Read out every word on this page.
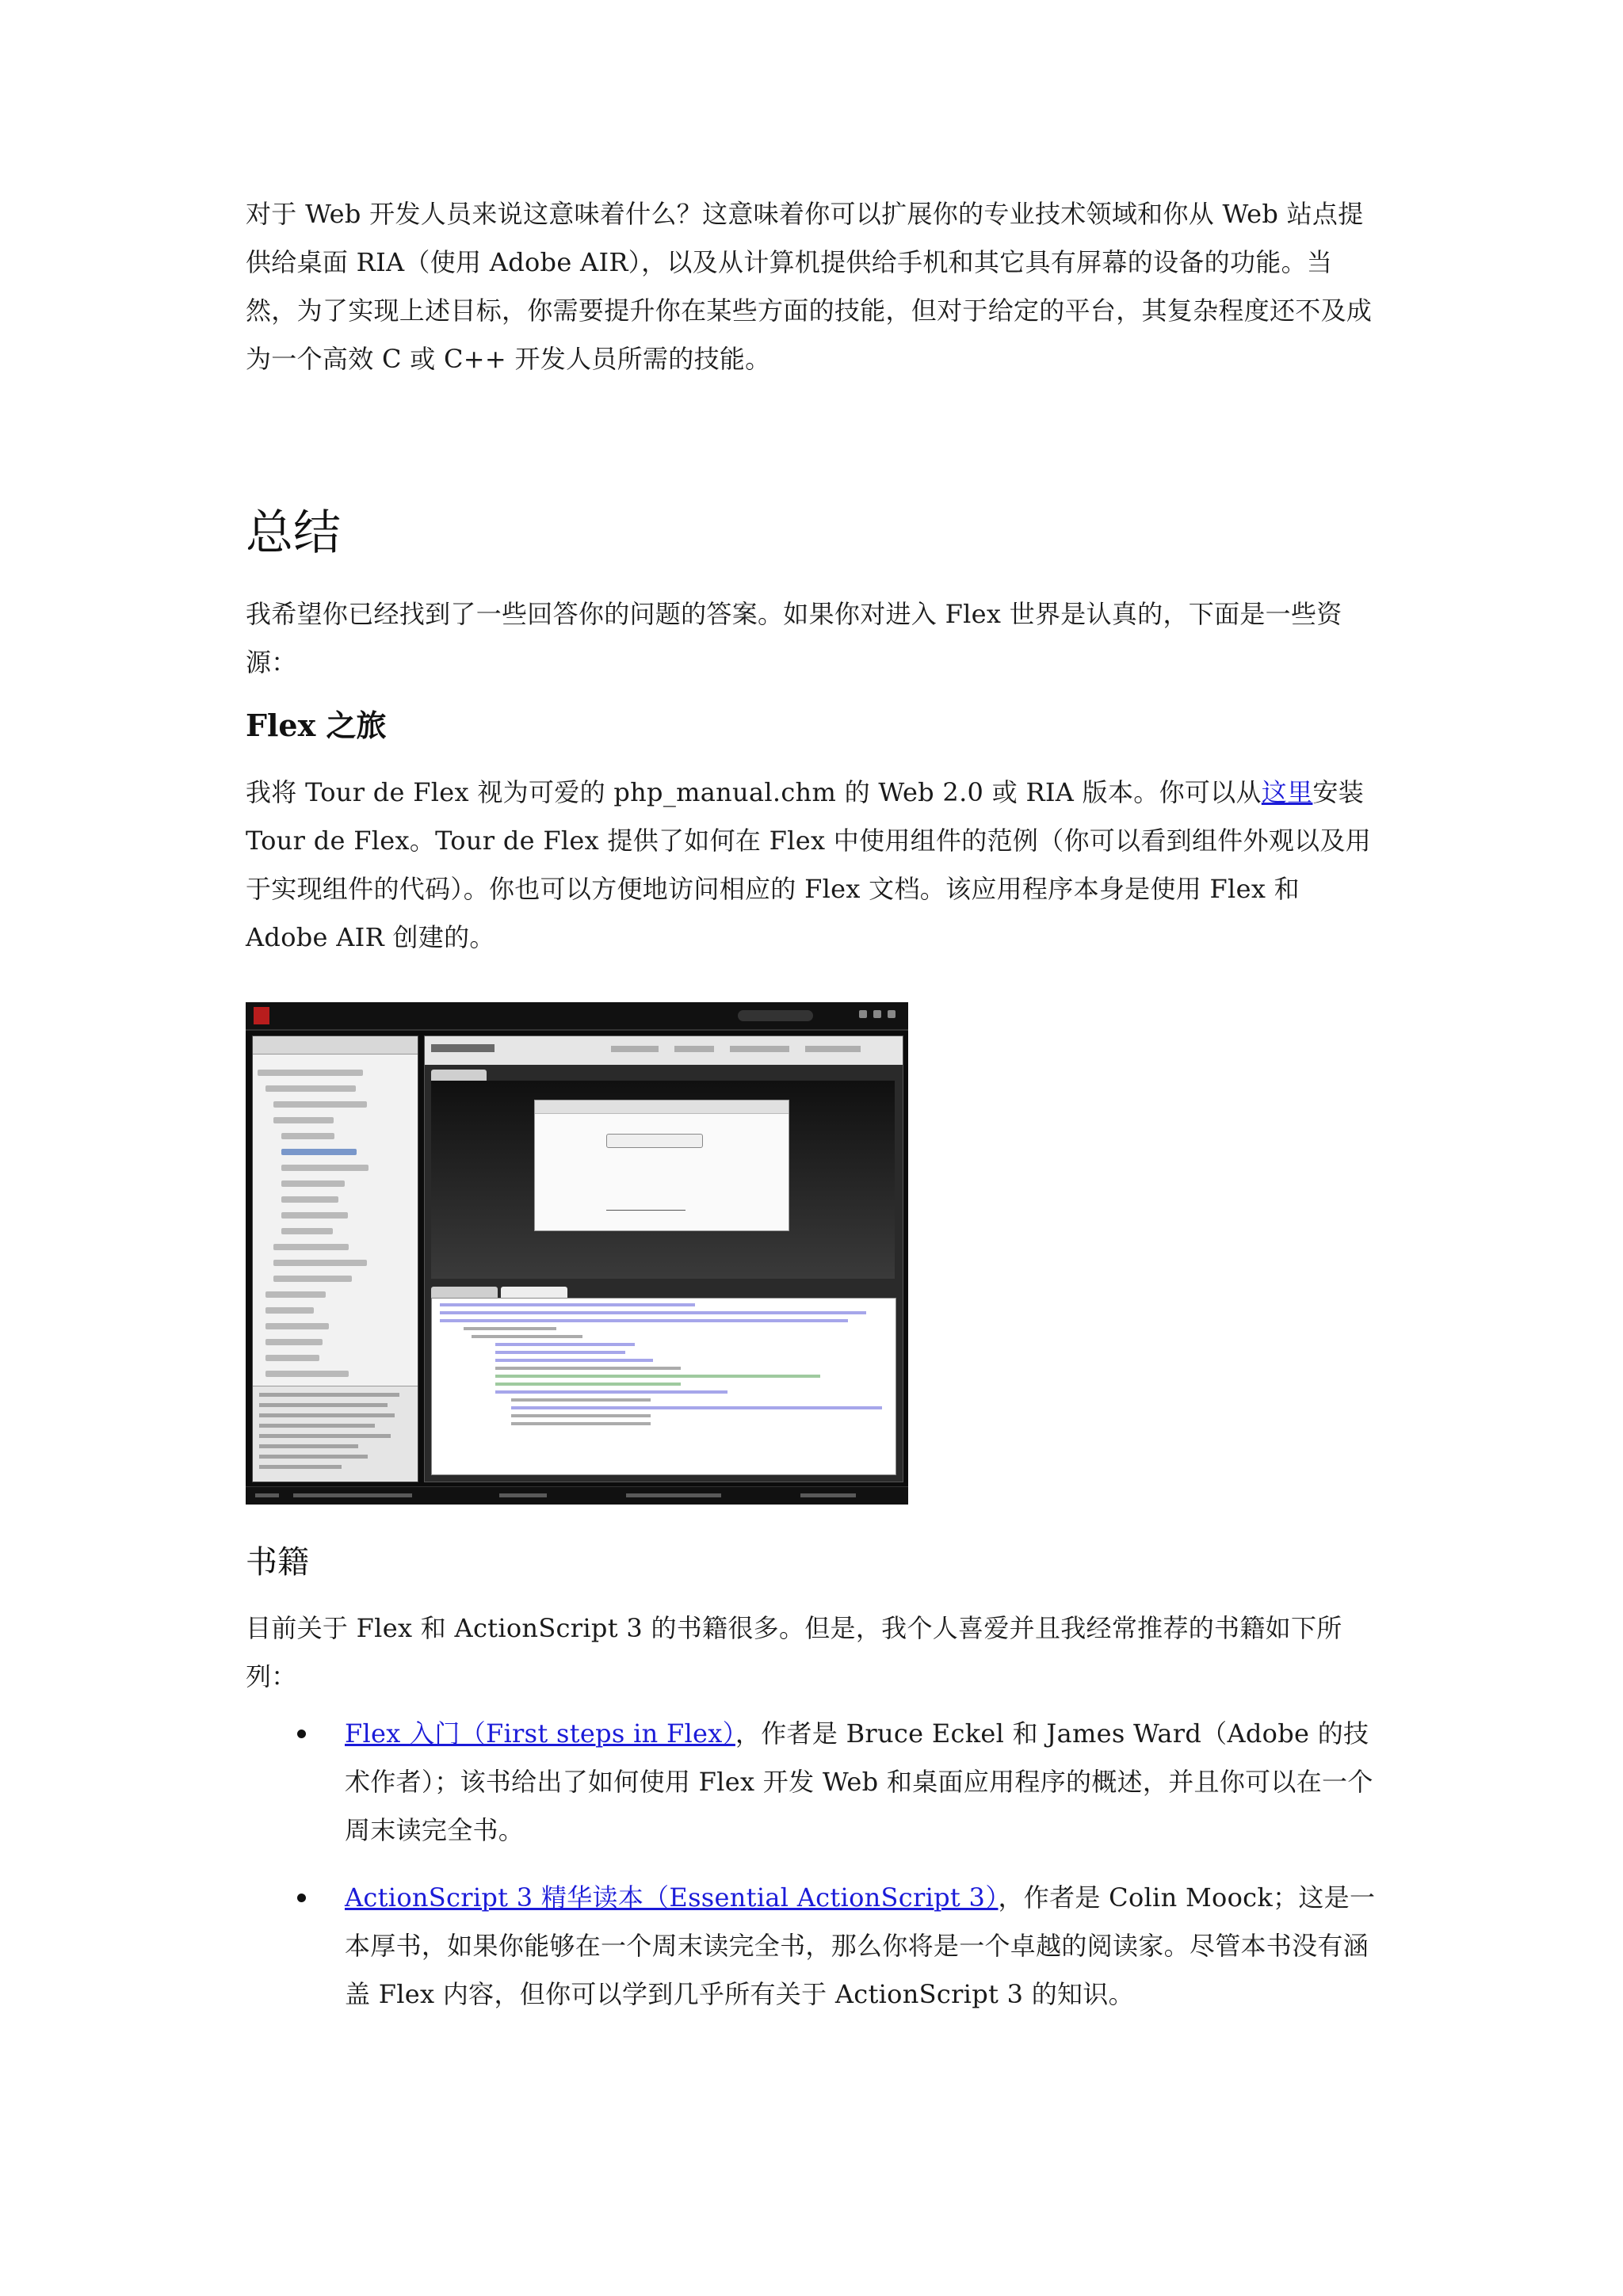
对于 Web 开发人员来说这意味着什么？这意味着你可以扩展你的专业技术领域和你从 Web 站点提供给桌面 RIA（使用 Adobe AIR），以及从计算机提供给手机和其它具有屏幕的设备的功能。当然，为了实现上述目标，你需要提升你在某些方面的技能，但对于给定的平台，其复杂程度还不及成为一个高效 C 或 C++ 开发人员所需的技能。

总结

我希望你已经找到了一些回答你的问题的答案。如果你对进入 Flex 世界是认真的，下面是一些资源：

Flex 之旅

我将 Tour de Flex 视为可爱的 php_manual.chm 的 Web 2.0 或 RIA 版本。你可以从这里安装 Tour de Flex。Tour de Flex 提供了如何在 Flex 中使用组件的范例（你可以看到组件外观以及用于实现组件的代码）。你也可以方便地访问相应的 Flex 文档。该应用程序本身是使用 Flex 和 Adobe AIR 创建的。

书籍

目前关于 Flex 和 ActionScript 3 的书籍很多。但是，我个人喜爱并且我经常推荐的书籍如下所列：

Flex 入门（First steps in Flex），作者是 Bruce Eckel 和 James Ward（Adobe 的技术作者）；该书给出了如何使用 Flex 开发 Web 和桌面应用程序的概述，并且你可以在一个周末读完全书。
ActionScript 3 精华读本（Essential ActionScript 3），作者是 Colin Moock；这是一本厚书，如果你能够在一个周末读完全书，那么你将是一个卓越的阅读家。尽管本书没有涵盖 Flex 内容，但你可以学到几乎所有关于 ActionScript 3 的知识。
